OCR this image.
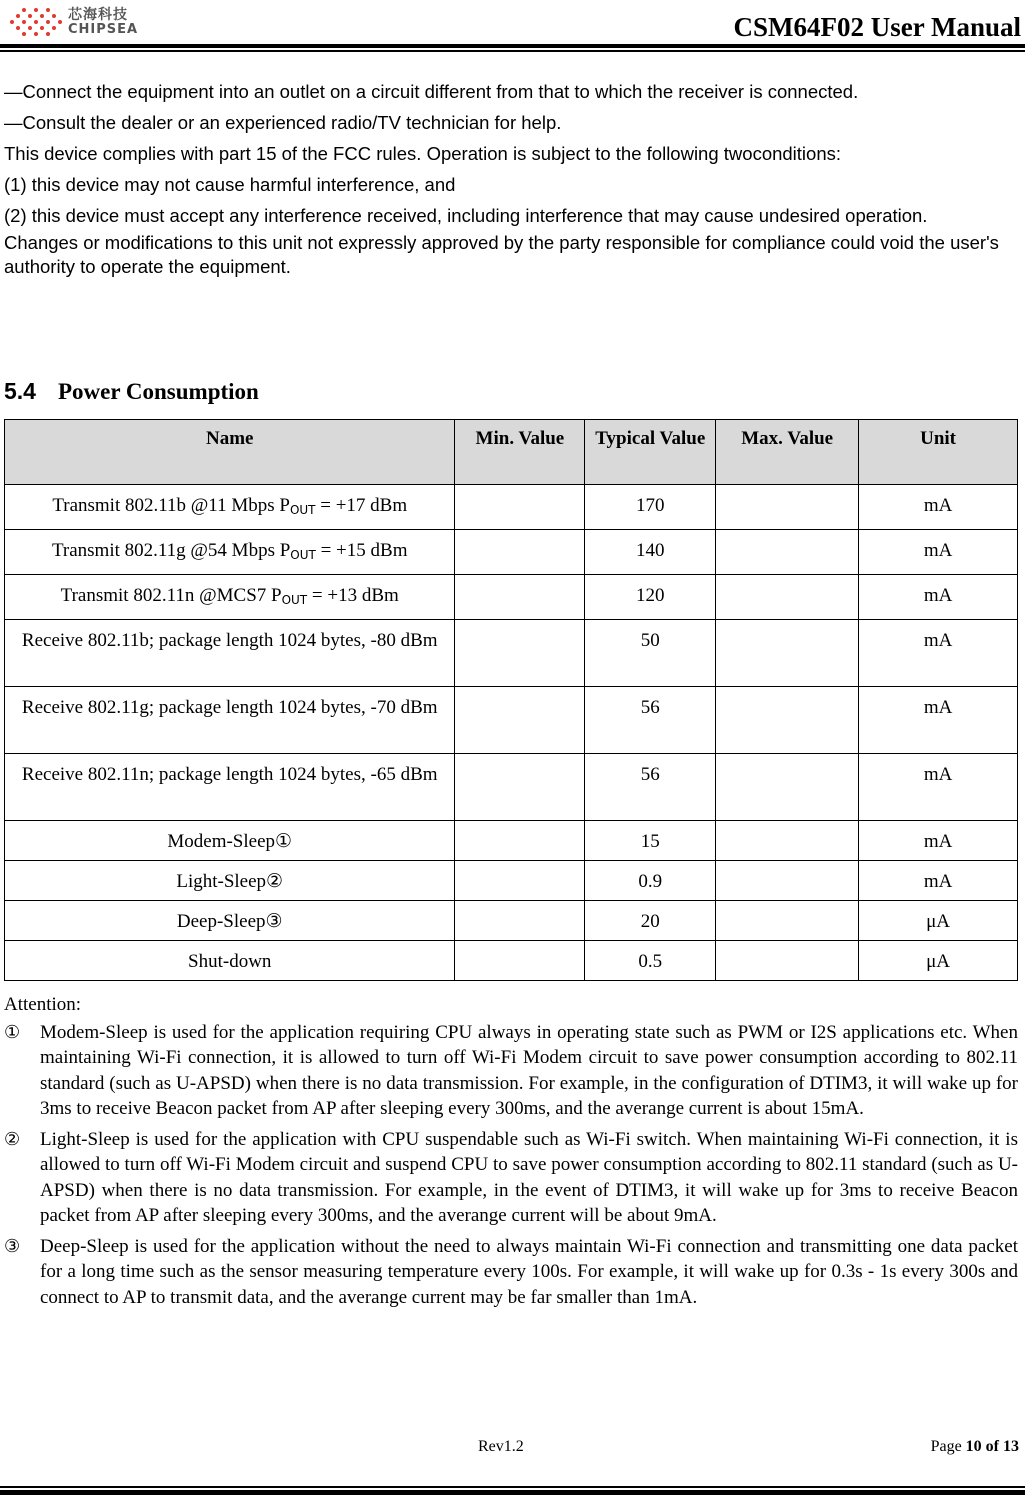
芯海科技
CHIPSEA	CSM64F02 User Manual

—Connect the equipment into an outlet on a circuit different from that to which the receiver is connected.

—Consult the dealer or an experienced radio/TV technician for help.

This device complies with part 15 of the FCC rules. Operation is subject to the following twoconditions:

(1) this device may not cause harmful interference, and

(2) this device must accept any interference received, including interference that may cause undesired operation.

Changes or modifications to this unit not expressly approved by the party responsible for compliance could void the user's authority to operate the equipment.

5.4 Power Consumption
Name	Min. Value	Typical Value	Max. Value	Unit
Transmit 802.11b @11 Mbps $P_{OUT} = +17$ dBm		170		mA
Transmit 802.11g @54 Mbps $P_{OUT} = +15$ dBm		140		mA
Transmit 802.11n @MCS7 $P_{OUT} = +13$ dBm		120		mA
Receive 802.11b; package length 1024 bytes, -80 dBm		50		mA
Receive 802.11g; package length 1024 bytes, -70 dBm		56		mA
Receive 802.11n; package length 1024 bytes, -65 dBm		56		mA
Modem-Sleep①		15		mA
Light-Sleep②		0.9		mA
Deep-Sleep③		20		μA
Shut-down		0.5		μA
Attention:
① Modem-Sleep is used for the application requiring CPU always in operating state such as PWM or I2S applications etc. When maintaining Wi-Fi connection, it is allowed to turn off Wi-Fi Modem circuit to save power consumption according to 802.11 standard (such as U-APSD) when there is no data transmission. For example, in the configuration of DTIM3, it will wake up for 3ms to receive Beacon packet from AP after sleeping every 300ms, and the averange current is about 15mA.
② Light-Sleep is used for the application with CPU suspendable such as Wi-Fi switch. When maintaining Wi-Fi connection, it is allowed to turn off Wi-Fi Modem circuit and suspend CPU to save power consumption according to 802.11 standard (such as U-APSD) when there is no data transmission. For example, in the event of DTIM3, it will wake up for 3ms to receive Beacon packet from AP after sleeping every 300ms, and the averange current will be about 9mA.
③ Deep-Sleep is used for the application without the need to always maintain Wi-Fi connection and transmitting one data packet for a long time such as the sensor measuring temperature every 100s. For example, it will wake up for 0.3s - 1s every 300s and connect to AP to transmit data, and the averange current may be far smaller than 1mA.
Rev1.2	Page 10 of 13
